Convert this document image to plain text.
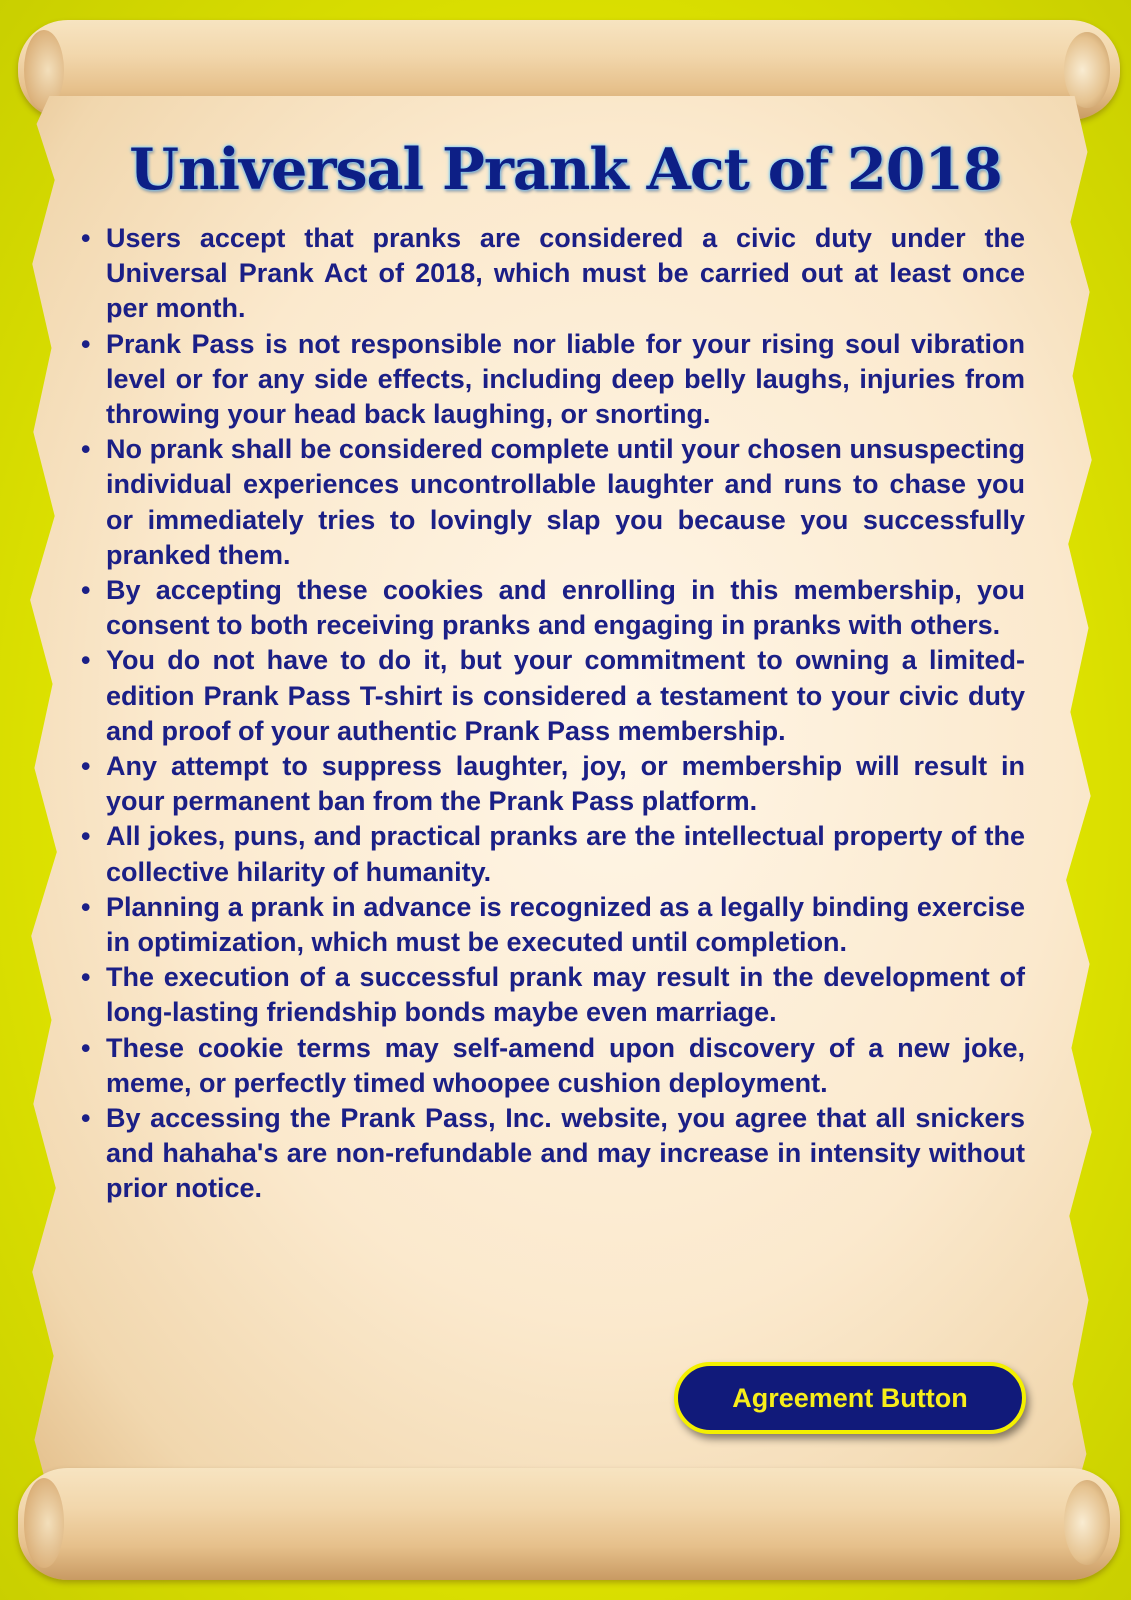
Universal Prank Act of 2018
• Users accept that pranks are considered a civic duty under the Universal Prank Act of 2018, which must be carried out at least once per month.
• Prank Pass is not responsible nor liable for your rising soul vibration level or for any side effects, including deep belly laughs, injuries from throwing your head back laughing, or snorting.
• No prank shall be considered complete until your chosen unsuspecting individual experiences uncontrollable laughter and runs to chase you or immediately tries to lovingly slap you because you successfully pranked them.
• By accepting these cookies and enrolling in this membership, you consent to both receiving pranks and engaging in pranks with others.
• You do not have to do it, but your commitment to owning a limited-edition Prank Pass T-shirt is considered a testament to your civic duty and proof of your authentic Prank Pass membership.
• Any attempt to suppress laughter, joy, or membership will result in your permanent ban from the Prank Pass platform.
• All jokes, puns, and practical pranks are the intellectual property of the collective hilarity of humanity.
• Planning a prank in advance is recognized as a legally binding exercise in optimization, which must be executed until completion.
• The execution of a successful prank may result in the development of long-lasting friendship bonds maybe even marriage.
• These cookie terms may self-amend upon discovery of a new joke, meme, or perfectly timed whoopee cushion deployment.
• By accessing the Prank Pass, Inc. website, you agree that all snickers and hahaha's are non-refundable and may increase in intensity without prior notice.
Agreement Button
